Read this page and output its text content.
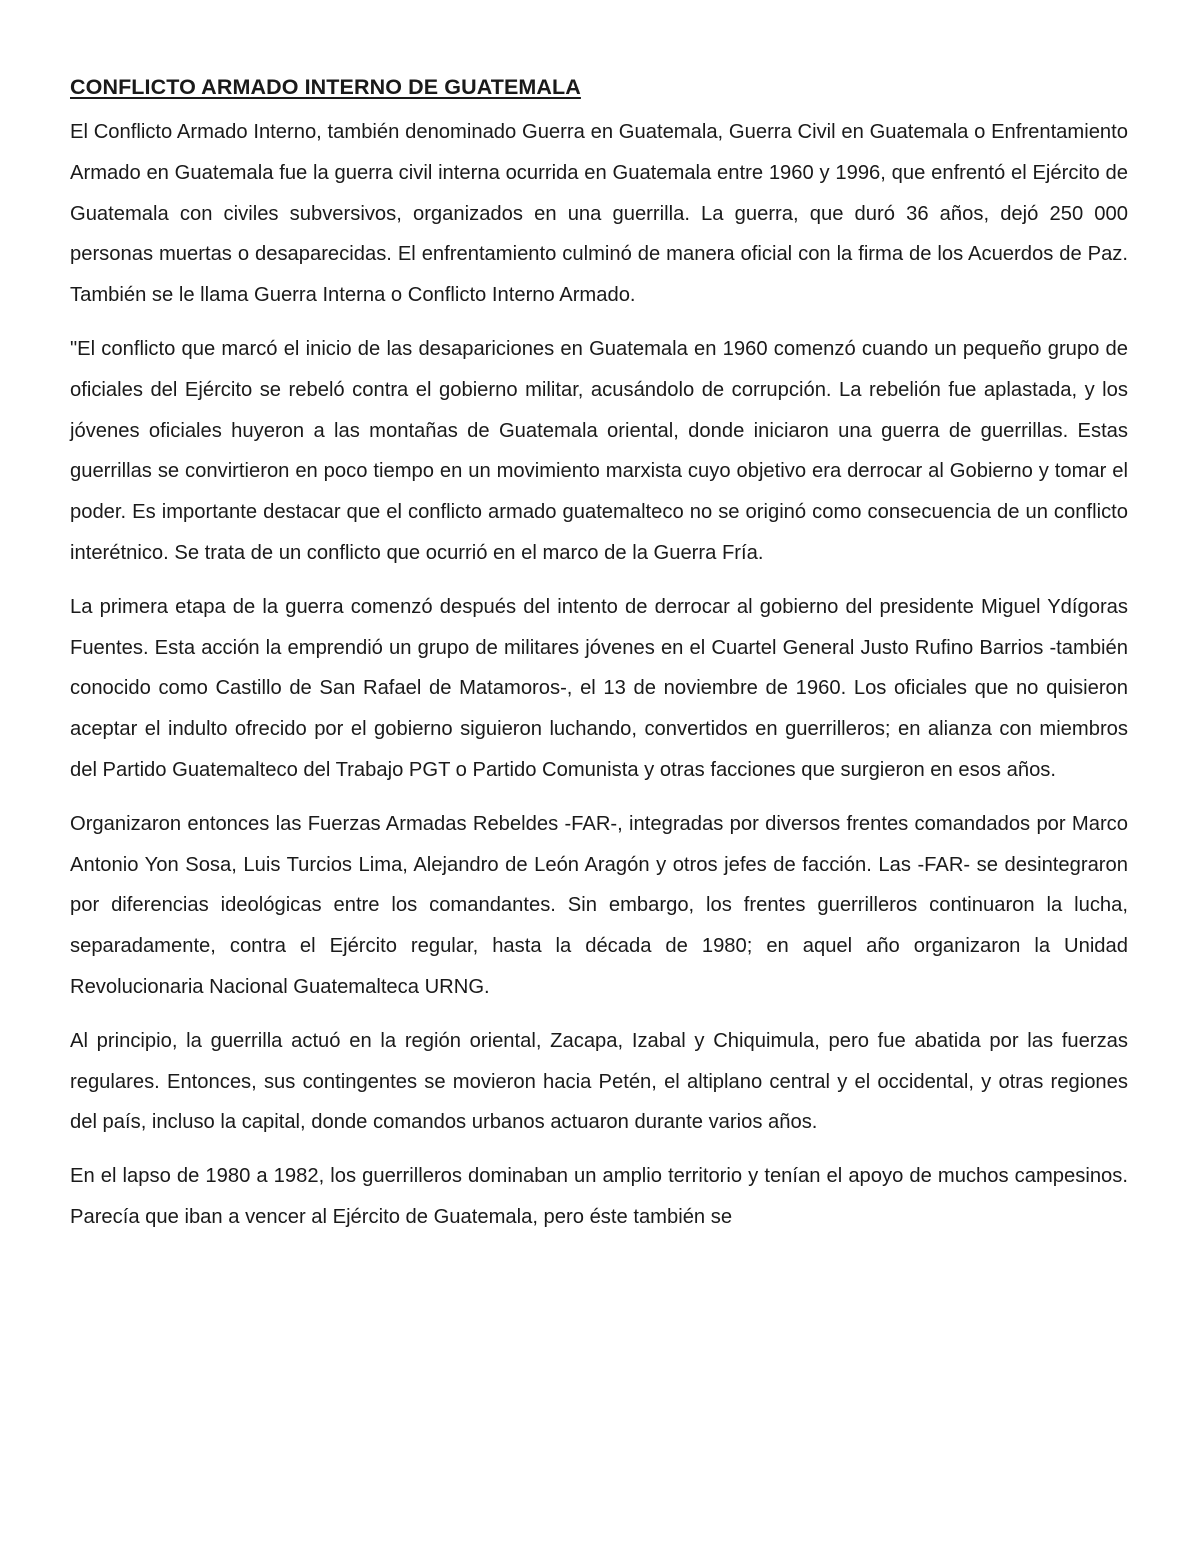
CONFLICTO ARMADO INTERNO DE GUATEMALA

El Conflicto Armado Interno, también denominado Guerra en Guatemala, Guerra Civil en Guatemala o Enfrentamiento Armado en Guatemala fue la guerra civil interna ocurrida en Guatemala entre 1960 y 1996, que enfrentó el Ejército de Guatemala con civiles subversivos, organizados en una guerrilla. La guerra, que duró 36 años, dejó 250 000 personas muertas o desaparecidas. El enfrentamiento culminó de manera oficial con la firma de los Acuerdos de Paz. También se le llama Guerra Interna o Conflicto Interno Armado.

"El conflicto que marcó el inicio de las desapariciones en Guatemala en 1960 comenzó cuando un pequeño grupo de oficiales del Ejército se rebeló contra el gobierno militar, acusándolo de corrupción. La rebelión fue aplastada, y los jóvenes oficiales huyeron a las montañas de Guatemala oriental, donde iniciaron una guerra de guerrillas. Estas guerrillas se convirtieron en poco tiempo en un movimiento marxista cuyo objetivo era derrocar al Gobierno y tomar el poder. Es importante destacar que el conflicto armado guatemalteco no se originó como consecuencia de un conflicto interétnico. Se trata de un conflicto que ocurrió en el marco de la Guerra Fría.

La primera etapa de la guerra comenzó después del intento de derrocar al gobierno del presidente Miguel Ydígoras Fuentes. Esta acción la emprendió un grupo de militares jóvenes en el Cuartel General Justo Rufino Barrios -también conocido como Castillo de San Rafael de Matamoros-, el 13 de noviembre de 1960. Los oficiales que no quisieron aceptar el indulto ofrecido por el gobierno siguieron luchando, convertidos en guerrilleros; en alianza con miembros del Partido Guatemalteco del Trabajo PGT o Partido Comunista y otras facciones que surgieron en esos años.

Organizaron entonces las Fuerzas Armadas Rebeldes -FAR-, integradas por diversos frentes comandados por Marco Antonio Yon Sosa, Luis Turcios Lima, Alejandro de León Aragón y otros jefes de facción. Las -FAR- se desintegraron por diferencias ideológicas entre los comandantes. Sin embargo, los frentes guerrilleros continuaron la lucha, separadamente, contra el Ejército regular, hasta la década de 1980; en aquel año organizaron la Unidad Revolucionaria Nacional Guatemalteca URNG.

Al principio, la guerrilla actuó en la región oriental, Zacapa, Izabal y Chiquimula, pero fue abatida por las fuerzas regulares. Entonces, sus contingentes se movieron hacia Petén, el altiplano central y el occidental, y otras regiones del país, incluso la capital, donde comandos urbanos actuaron durante varios años.

En el lapso de 1980 a 1982, los guerrilleros dominaban un amplio territorio y tenían el apoyo de muchos campesinos. Parecía que iban a vencer al Ejército de Guatemala, pero éste también se
